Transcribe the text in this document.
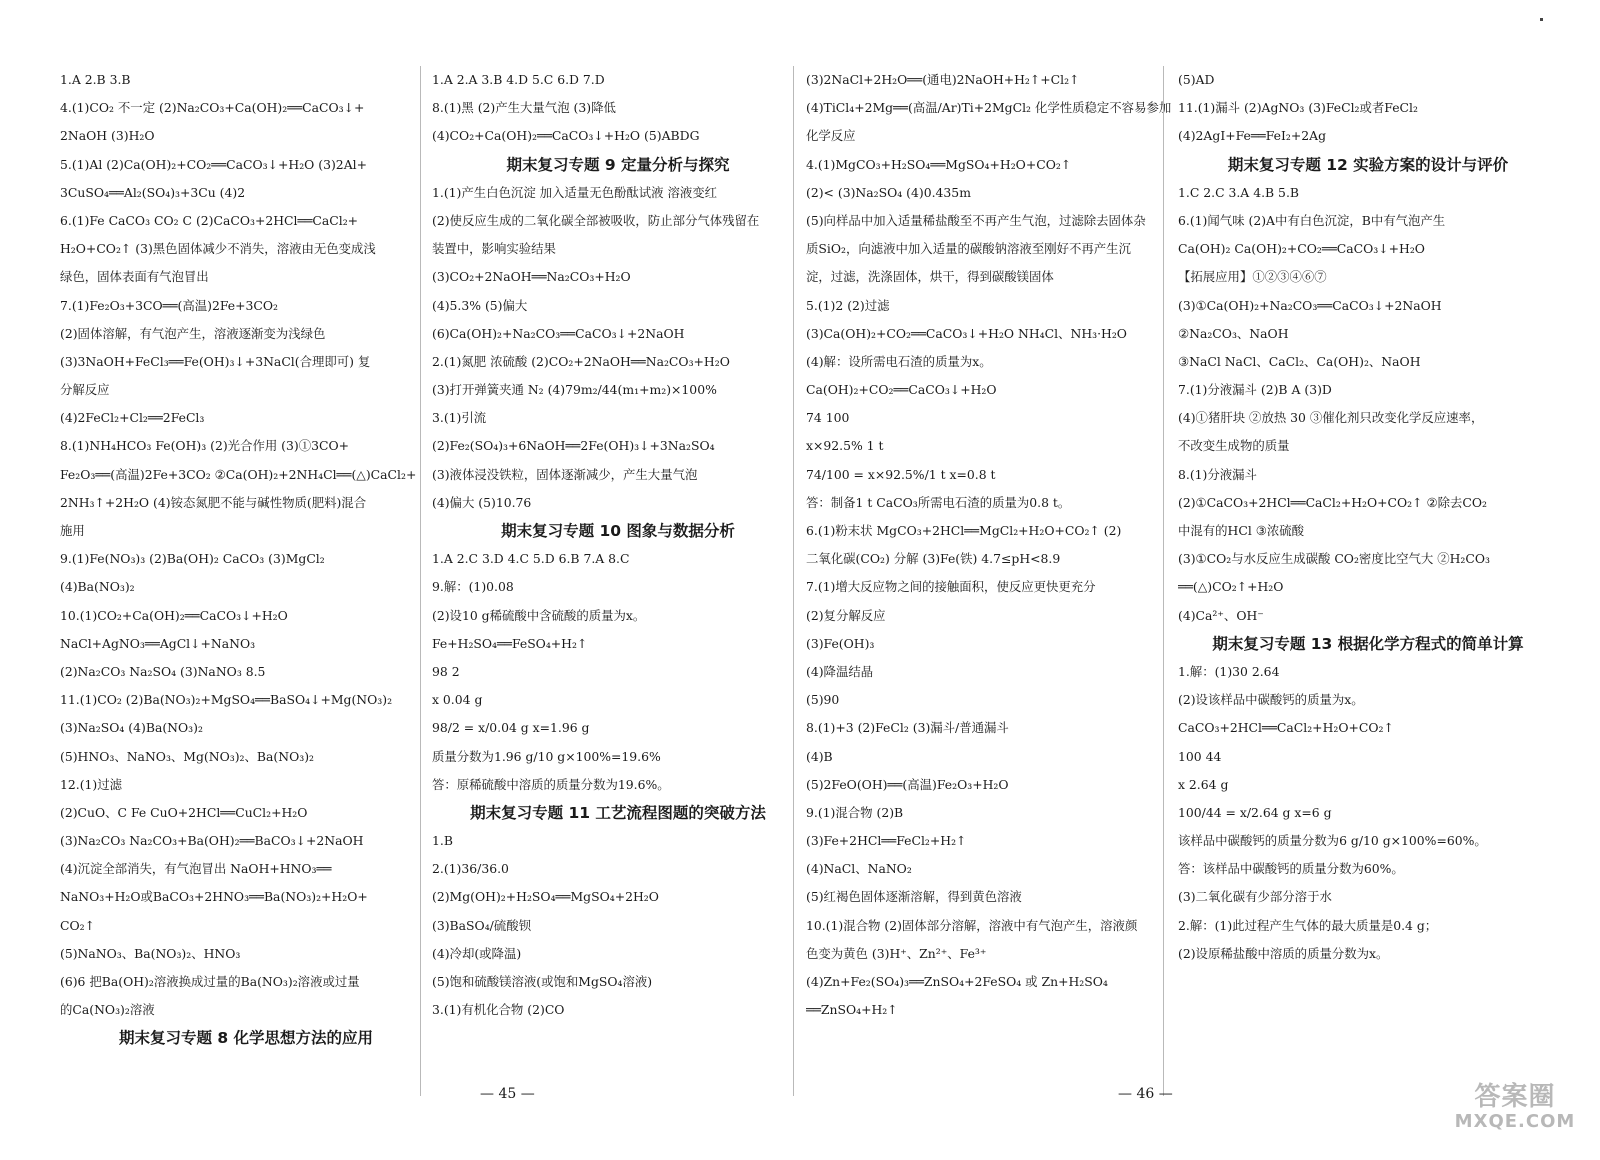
1.A 2.B 3.B
4.(1)CO₂ 不一定 (2)Na₂CO₃+Ca(OH)₂══CaCO₃↓+
2NaOH (3)H₂O
5.(1)Al (2)Ca(OH)₂+CO₂══CaCO₃↓+H₂O (3)2Al+
3CuSO₄══Al₂(SO₄)₃+3Cu (4)2
6.(1)Fe CaCO₃ CO₂ C (2)CaCO₃+2HCl══CaCl₂+
H₂O+CO₂↑ (3)黑色固体减少不消失，溶液由无色变成浅
绿色，固体表面有气泡冒出
7.(1)Fe₂O₃+3CO══(高温)2Fe+3CO₂
(2)固体溶解，有气泡产生，溶液逐渐变为浅绿色
(3)3NaOH+FeCl₃══Fe(OH)₃↓+3NaCl(合理即可) 复
分解反应
(4)2FeCl₂+Cl₂══2FeCl₃
8.(1)NH₄HCO₃ Fe(OH)₃ (2)光合作用 (3)①3CO+
Fe₂O₃══(高温)2Fe+3CO₂ ②Ca(OH)₂+2NH₄Cl══(△)CaCl₂+
2NH₃↑+2H₂O (4)铵态氮肥不能与碱性物质(肥料)混合
施用
9.(1)Fe(NO₃)₃ (2)Ba(OH)₂ CaCO₃ (3)MgCl₂
(4)Ba(NO₃)₂
10.(1)CO₂+Ca(OH)₂══CaCO₃↓+H₂O
NaCl+AgNO₃══AgCl↓+NaNO₃
(2)Na₂CO₃ Na₂SO₄ (3)NaNO₃ 8.5
11.(1)CO₂ (2)Ba(NO₃)₂+MgSO₄══BaSO₄↓+Mg(NO₃)₂
(3)Na₂SO₄ (4)Ba(NO₃)₂
(5)HNO₃、NaNO₃、Mg(NO₃)₂、Ba(NO₃)₂
12.(1)过滤
(2)CuO、C Fe CuO+2HCl══CuCl₂+H₂O
(3)Na₂CO₃ Na₂CO₃+Ba(OH)₂══BaCO₃↓+2NaOH
(4)沉淀全部消失，有气泡冒出 NaOH+HNO₃══
NaNO₃+H₂O或BaCO₃+2HNO₃══Ba(NO₃)₂+H₂O+
CO₂↑
(5)NaNO₃、Ba(NO₃)₂、HNO₃
(6)6 把Ba(OH)₂溶液换成过量的Ba(NO₃)₂溶液或过量
的Ca(NO₃)₂溶液
期末复习专题 8 化学思想方法的应用
1.A 2.A 3.B 4.D 5.C 6.D 7.D
8.(1)黑 (2)产生大量气泡 (3)降低
(4)CO₂+Ca(OH)₂══CaCO₃↓+H₂O (5)ABDG
期末复习专题 9 定量分析与探究
1.(1)产生白色沉淀 加入适量无色酚酞试液 溶液变红
(2)使反应生成的二氧化碳全部被吸收，防止部分气体残留在
装置中，影响实验结果
(3)CO₂+2NaOH══Na₂CO₃+H₂O
(4)5.3% (5)偏大
(6)Ca(OH)₂+Na₂CO₃══CaCO₃↓+2NaOH
2.(1)氮肥 浓硫酸 (2)CO₂+2NaOH══Na₂CO₃+H₂O
(3)打开弹簧夹通 N₂ (4)79m₂/44(m₁+m₂)×100%
3.(1)引流
(2)Fe₂(SO₄)₃+6NaOH══2Fe(OH)₃↓+3Na₂SO₄
(3)液体浸没铁粒，固体逐渐减少，产生大量气泡
(4)偏大 (5)10.76
期末复习专题 10 图象与数据分析
1.A 2.C 3.D 4.C 5.D 6.B 7.A 8.C
9.解：(1)0.08
(2)设10 g稀硫酸中含硫酸的质量为x。
Fe+H₂SO₄══FeSO₄+H₂↑
98 2
x 0.04 g
98/2 = x/0.04 g x=1.96 g
质量分数为1.96 g/10 g×100%=19.6%
答：原稀硫酸中溶质的质量分数为19.6%。
期末复习专题 11 工艺流程图题的突破方法
1.B
2.(1)36/36.0
(2)Mg(OH)₂+H₂SO₄══MgSO₄+2H₂O
(3)BaSO₄/硫酸钡
(4)冷却(或降温)
(5)饱和硫酸镁溶液(或饱和MgSO₄溶液)
3.(1)有机化合物 (2)CO
(3)2NaCl+2H₂O══(通电)2NaOH+H₂↑+Cl₂↑
(4)TiCl₄+2Mg══(高温/Ar)Ti+2MgCl₂ 化学性质稳定不容易参加
化学反应
4.(1)MgCO₃+H₂SO₄══MgSO₄+H₂O+CO₂↑
(2)< (3)Na₂SO₄ (4)0.435m
(5)向样品中加入适量稀盐酸至不再产生气泡，过滤除去固体杂
质SiO₂，向滤液中加入适量的碳酸钠溶液至刚好不再产生沉
淀，过滤，洗涤固体，烘干，得到碳酸镁固体
5.(1)2 (2)过滤
(3)Ca(OH)₂+CO₂══CaCO₃↓+H₂O NH₄Cl、NH₃·H₂O
(4)解：设所需电石渣的质量为x。
Ca(OH)₂+CO₂══CaCO₃↓+H₂O
74 100
x×92.5% 1 t
74/100 = x×92.5%/1 t x=0.8 t
答：制备1 t CaCO₃所需电石渣的质量为0.8 t。
6.(1)粉末状 MgCO₃+2HCl══MgCl₂+H₂O+CO₂↑ (2)
二氧化碳(CO₂) 分解 (3)Fe(铁) 4.7≤pH<8.9
7.(1)增大反应物之间的接触面积，使反应更快更充分
(2)复分解反应
(3)Fe(OH)₃
(4)降温结晶
(5)90
8.(1)+3 (2)FeCl₂ (3)漏斗/普通漏斗
(4)B
(5)2FeO(OH)══(高温)Fe₂O₃+H₂O
9.(1)混合物 (2)B
(3)Fe+2HCl══FeCl₂+H₂↑
(4)NaCl、NaNO₂
(5)红褐色固体逐渐溶解，得到黄色溶液
10.(1)混合物 (2)固体部分溶解，溶液中有气泡产生，溶液颜
色变为黄色 (3)H⁺、Zn²⁺、Fe³⁺
(4)Zn+Fe₂(SO₄)₃══ZnSO₄+2FeSO₄ 或 Zn+H₂SO₄
══ZnSO₄+H₂↑
(5)AD
11.(1)漏斗 (2)AgNO₃ (3)FeCl₂或者FeCl₂
(4)2AgI+Fe══FeI₂+2Ag
期末复习专题 12 实验方案的设计与评价
1.C 2.C 3.A 4.B 5.B
6.(1)闻气味 (2)A中有白色沉淀，B中有气泡产生
Ca(OH)₂ Ca(OH)₂+CO₂══CaCO₃↓+H₂O
【拓展应用】①②③④⑥⑦
(3)①Ca(OH)₂+Na₂CO₃══CaCO₃↓+2NaOH
②Na₂CO₃、NaOH
③NaCl NaCl、CaCl₂、Ca(OH)₂、NaOH
7.(1)分液漏斗 (2)B A (3)D
(4)①猪肝块 ②放热 30 ③催化剂只改变化学反应速率，
不改变生成物的质量
8.(1)分液漏斗
(2)①CaCO₃+2HCl══CaCl₂+H₂O+CO₂↑ ②除去CO₂
中混有的HCl ③浓硫酸
(3)①CO₂与水反应生成碳酸 CO₂密度比空气大 ②H₂CO₃
══(△)CO₂↑+H₂O
(4)Ca²⁺、OH⁻
期末复习专题 13 根据化学方程式的简单计算
1.解：(1)30 2.64
(2)设该样品中碳酸钙的质量为x。
CaCO₃+2HCl══CaCl₂+H₂O+CO₂↑
100 44
x 2.64 g
100/44 = x/2.64 g x=6 g
该样品中碳酸钙的质量分数为6 g/10 g×100%=60%。
答：该样品中碳酸钙的质量分数为60%。
(3)二氧化碳有少部分溶于水
2.解：(1)此过程产生气体的最大质量是0.4 g；
(2)设原稀盐酸中溶质的质量分数为x。
— 45 —	— 46 —	答案圈
MXQE.COM
